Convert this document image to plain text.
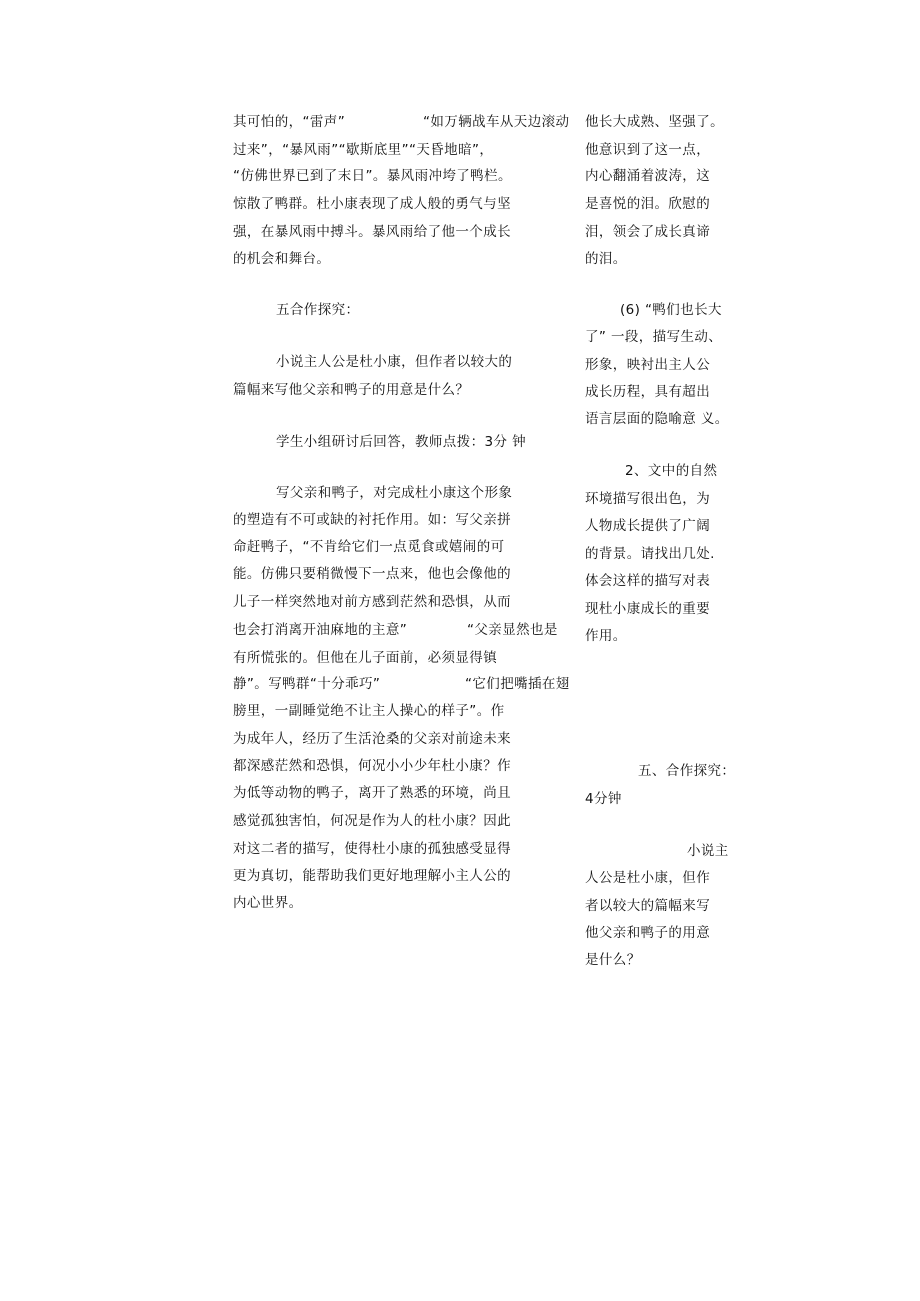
其可怕的，“雷声”	“如万辆战车从天边滚动
过来”，“暴风雨”“歇斯底里”“天昏地暗”，
“仿佛世界已到了末日”。暴风雨冲垮了鸭栏。
惊散了鸭群。杜小康表现了成人般的勇气与坚
强，在暴风雨中搏斗。暴风雨给了他一个成长
的机会和舞台。
五合作探究：
小说主人公是杜小康，但作者以较大的
篇幅来写他父亲和鸭子的用意是什么？
学生小组研讨后回答，教师点拨：3分 钟
写父亲和鸭子，对完成杜小康这个形象
的塑造有不可或缺的衬托作用。如：写父亲拼
命赶鸭子，“不肯给它们一点觅食或嬉闹的可
能。仿佛只要稍微慢下一点来，他也会像他的
儿子一样突然地对前方感到茫然和恐惧，从而
也会打消离开油麻地的主意”	“父亲显然也是
有所慌张的。但他在儿子面前，必须显得镇
静”。写鸭群“十分乖巧”	“它们把嘴插在翅
膀里，一副睡觉绝不让主人操心的样子”。作
为成年人，经历了生活沧桑的父亲对前途未来
都深感茫然和恐惧，何况小小少年杜小康？作
为低等动物的鸭子，离开了熟悉的环境，尚且
感觉孤独害怕，何况是作为人的杜小康？因此
对这二者的描写，使得杜小康的孤独感受显得
更为真切，能帮助我们更好地理解小主人公的
内心世界。
他长大成熟、坚强了。
他意识到了这一点，
内心翻涌着波涛，这
是喜悦的泪。欣慰的
泪，领会了成长真谛
的泪。
(6) “鸭们也长大
了” 一段，描写生动、
形象，映衬出主人公
成长历程，具有超出
语言层面的隐喻意 义。
2、文中的自然
环境描写很出色，为
人物成长提供了广阔
的背景。请找出几处.
体会这样的描写对表
现杜小康成长的重要
作用。
五、合作探究：
4分钟
小说主
人公是杜小康，但作
者以较大的篇幅来写
他父亲和鸭子的用意
是什么？
